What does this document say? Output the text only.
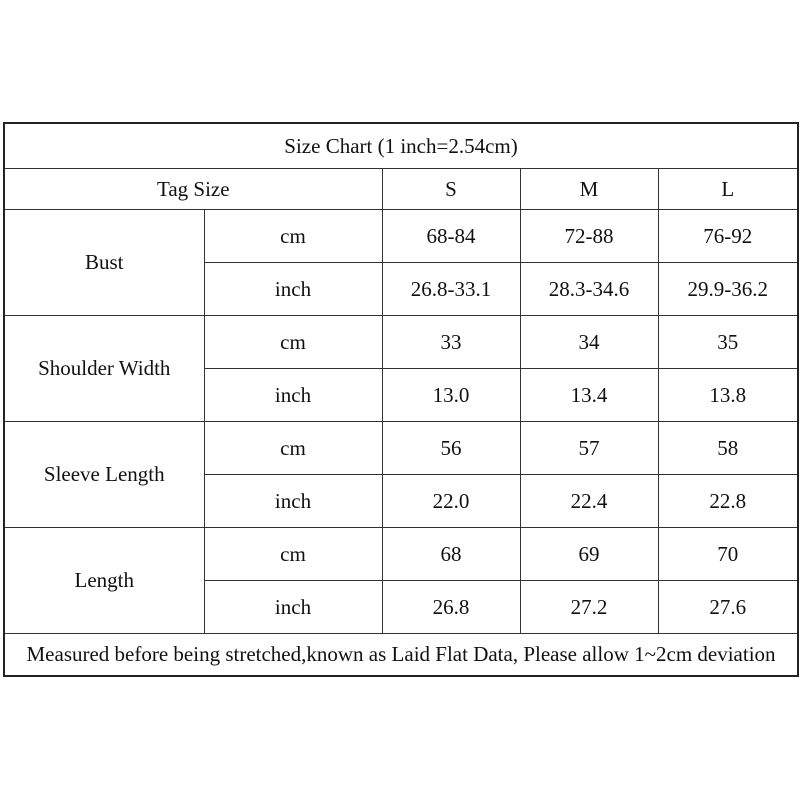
Size Chart (1 inch=2.54cm)				
Tag Size		S	M	L
Bust	cm	68-84	72-88	76-92
	inch	26.8-33.1	28.3-34.6	29.9-36.2
Shoulder Width	cm	33	34	35
	inch	13.0	13.4	13.8
Sleeve Length	cm	56	57	58
	inch	22.0	22.4	22.8
Length	cm	68	69	70
	inch	26.8	27.2	27.6
Measured before being stretched,known as Laid Flat Data, Please allow 1~2cm deviation				
